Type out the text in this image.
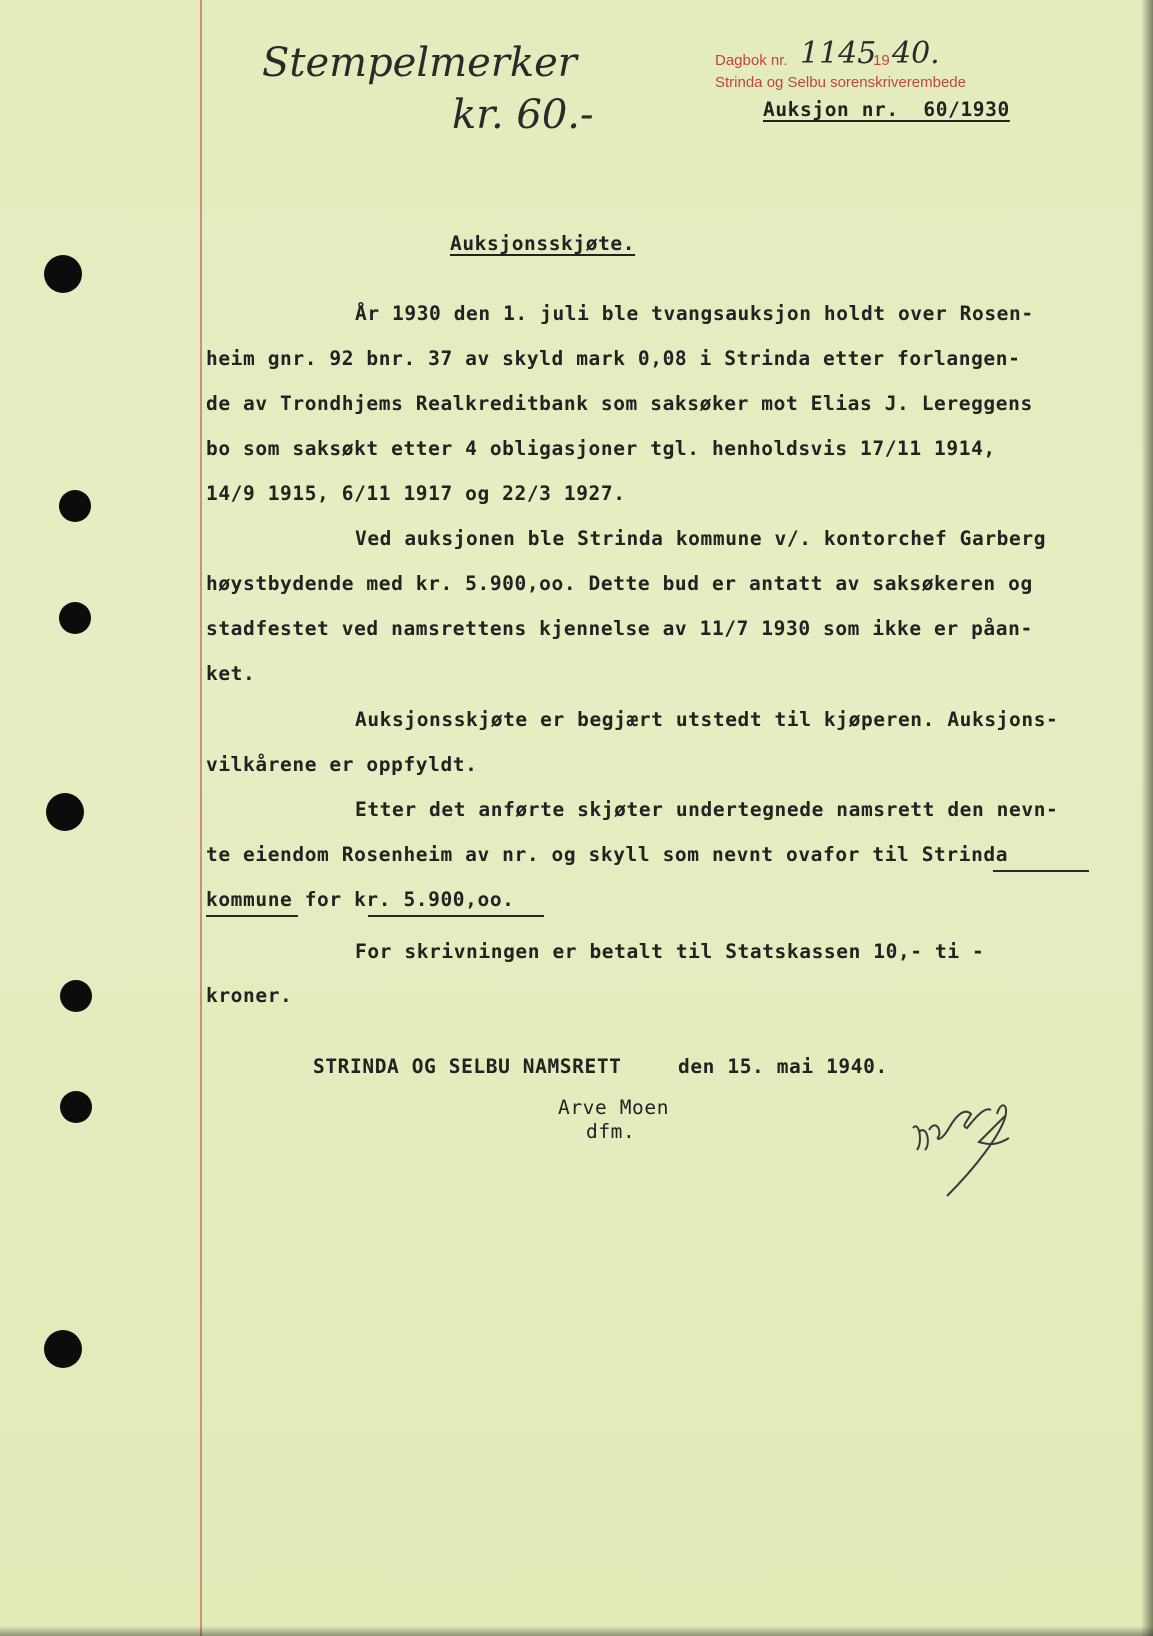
Stempelmerker
kr. 60.-
Dagbok nr. 1145
19 40.
Strinda og Selbu sorenskriverembede
Auksjon nr.  60/1930
Auksjonsskjøte.
År 1930 den 1. juli ble tvangsauksjon holdt over Rosen-
heim gnr. 92 bnr. 37 av skyld mark 0,08 i Strinda etter forlangen-
de av Trondhjems Realkreditbank som saksøker mot Elias J. Lereggens
bo som saksøkt etter 4 obligasjoner tgl. henholdsvis 17/11 1914,
14/9 1915, 6/11 1917 og 22/3 1927.
Ved auksjonen ble Strinda kommune v/. kontorchef Garberg
høystbydende med kr. 5.900,oo. Dette bud er antatt av saksøkeren og
stadfestet ved namsrettens kjennelse av 11/7 1930 som ikke er påan-
ket.
Auksjonsskjøte er begjært utstedt til kjøperen. Auksjons-
vilkårene er oppfyldt.
Etter det anførte skjøter undertegnede namsrett den nevn-
te eiendom Rosenheim av nr. og skyll som nevnt ovafor til Strinda
kommune for kr. 5.900,oo.
For skrivningen er betalt til Statskassen 10,- ti -
kroner.
STRINDA OG SELBU NAMSRETT	den 15. mai 1940.
Arve Moen
dfm.
